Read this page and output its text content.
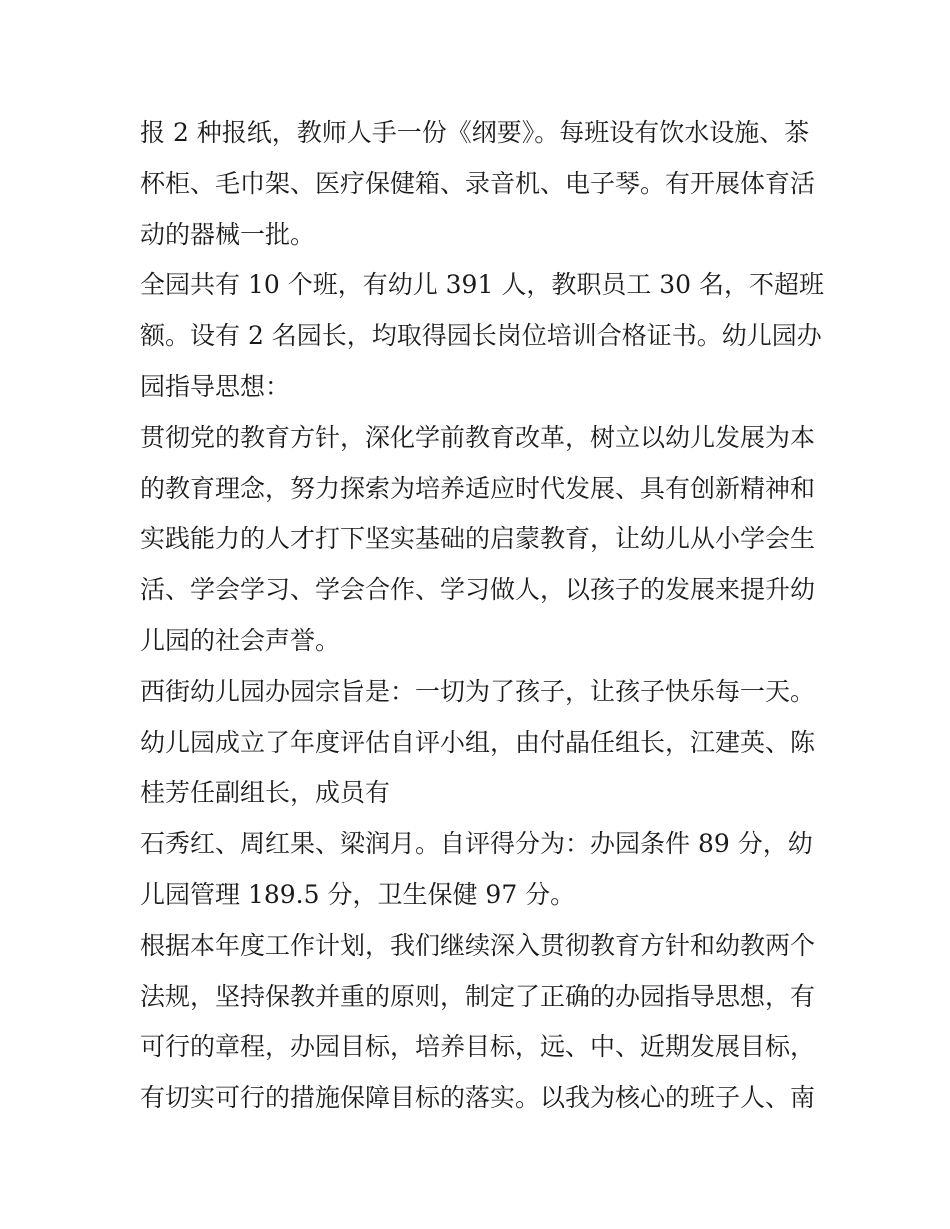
报 2 种报纸，教师人手一份《纲要》。每班设有饮水设施、茶
杯柜、毛巾架、医疗保健箱、录音机、电子琴。有开展体育活
动的器械一批。
全园共有 10 个班，有幼儿 391 人，教职员工 30 名，不超班
额。设有 2 名园长，均取得园长岗位培训合格证书。幼儿园办
园指导思想：
贯彻党的教育方针，深化学前教育改革，树立以幼儿发展为本
的教育理念，努力探索为培养适应时代发展、具有创新精神和
实践能力的人才打下坚实基础的启蒙教育，让幼儿从小学会生
活、学会学习、学会合作、学习做人，以孩子的发展来提升幼
儿园的社会声誉。
西街幼儿园办园宗旨是：一切为了孩子，让孩子快乐每一天。
幼儿园成立了年度评估自评小组，由付晶任组长，江建英、陈
桂芳任副组长，成员有
石秀红、周红果、梁润月。自评得分为：办园条件 89 分，幼
儿园管理 189.5 分，卫生保健 97 分。
根据本年度工作计划，我们继续深入贯彻教育方针和幼教两个
法规，坚持保教并重的原则，制定了正确的办园指导思想，有
可行的章程，办园目标，培养目标，远、中、近期发展目标，
有切实可行的措施保障目标的落实。以我为核心的班子人、南
